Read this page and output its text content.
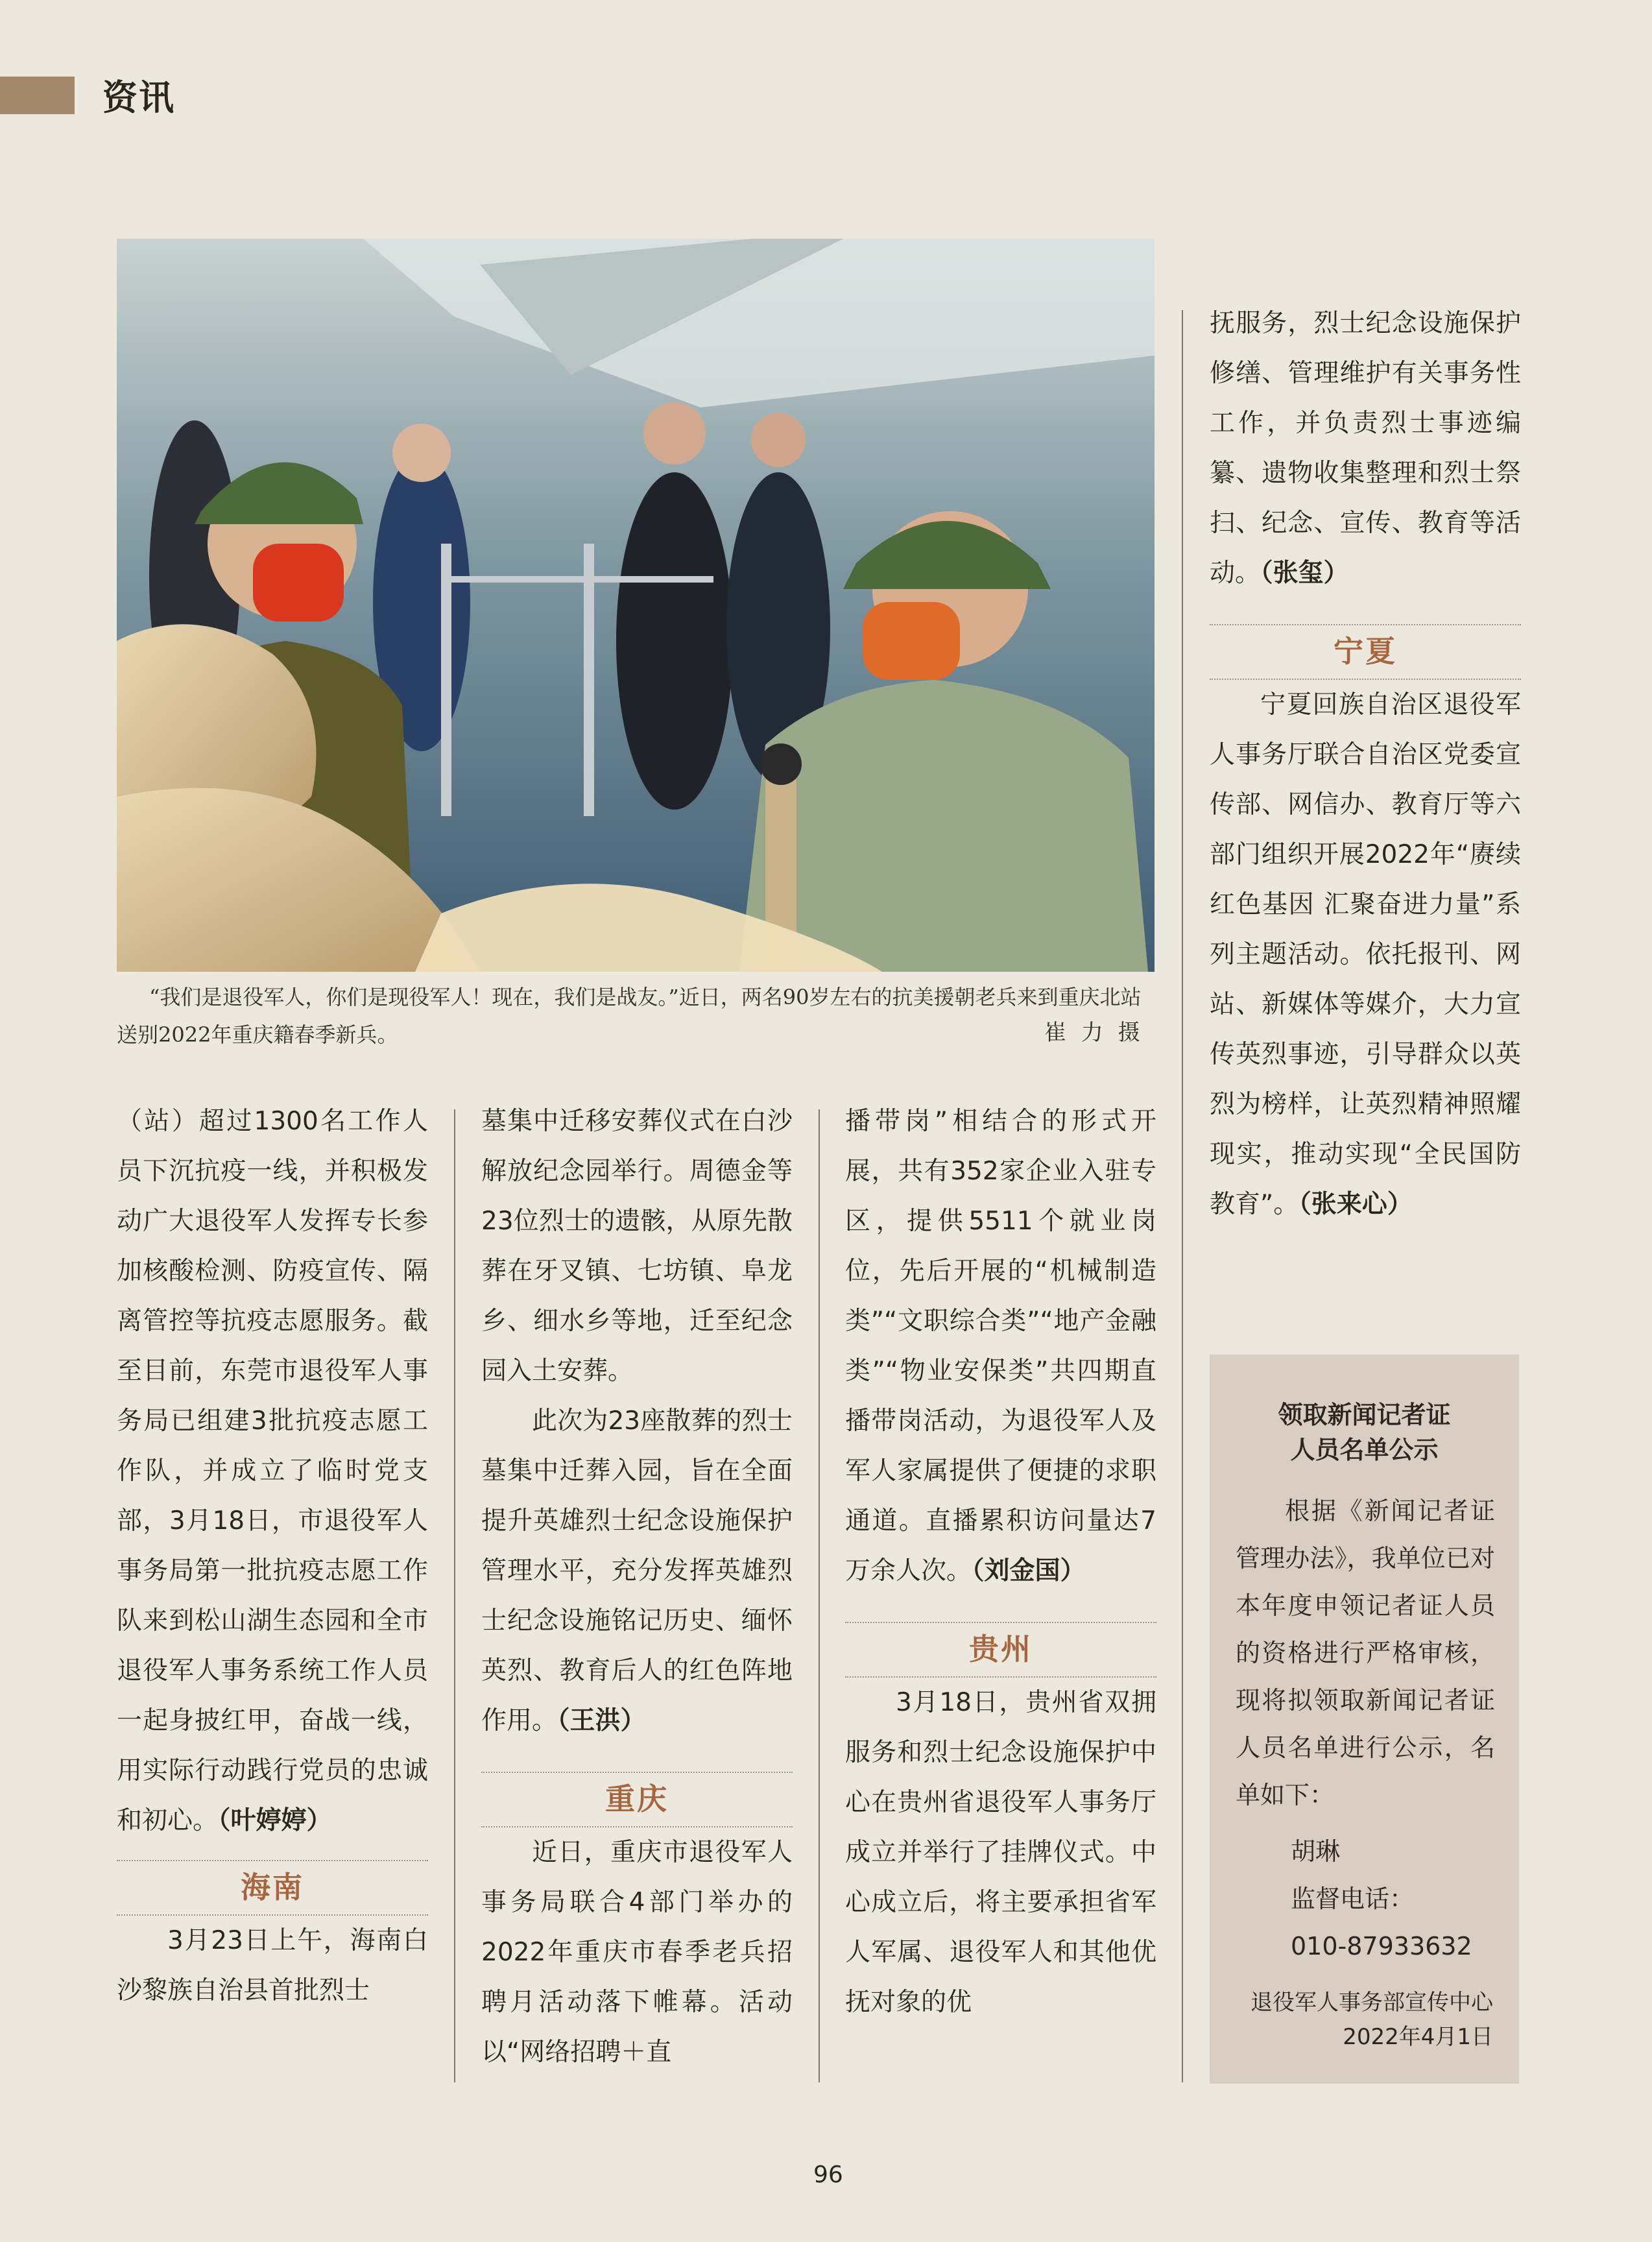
资讯
“我们是退役军人，你们是现役军人！现在，我们是战友。”近日，两名90岁左右的抗美援朝老兵来到重庆北站送别2022年重庆籍春季新兵。	崔 力 摄

（站）超过1300名工作人员下沉抗疫一线，并积极发动广大退役军人发挥专长参加核酸检测、防疫宣传、隔离管控等抗疫志愿服务。截至目前，东莞市退役军人事务局已组建3批抗疫志愿工作队，并成立了临时党支部，3月18日，市退役军人事务局第一批抗疫志愿工作队来到松山湖生态园和全市退役军人事务系统工作人员一起身披红甲，奋战一线，用实际行动践行党员的忠诚和初心。（叶婷婷）

海南

3月23日上午，海南白沙黎族自治县首批烈士

墓集中迁移安葬仪式在白沙解放纪念园举行。周德金等23位烈士的遗骸，从原先散葬在牙叉镇、七坊镇、阜龙乡、细水乡等地，迁至纪念园入土安葬。

此次为23座散葬的烈士墓集中迁葬入园，旨在全面提升英雄烈士纪念设施保护管理水平，充分发挥英雄烈士纪念设施铭记历史、缅怀英烈、教育后人的红色阵地作用。（王洪）

重庆

近日，重庆市退役军人事务局联合4部门举办的2022年重庆市春季老兵招聘月活动落下帷幕。活动以“网络招聘＋直

播带岗”相结合的形式开展，共有352家企业入驻专区，提供5511个就业岗位，先后开展的“机械制造类”“文职综合类”“地产金融类”“物业安保类”共四期直播带岗活动，为退役军人及军人家属提供了便捷的求职通道。直播累积访问量达7万余人次。（刘金国）

贵州

3月18日，贵州省双拥服务和烈士纪念设施保护中心在贵州省退役军人事务厅成立并举行了挂牌仪式。中心成立后，将主要承担省军人军属、退役军人和其他优抚对象的优

抚服务，烈士纪念设施保护修缮、管理维护有关事务性工作，并负责烈士事迹编纂、遗物收集整理和烈士祭扫、纪念、宣传、教育等活动。（张玺）

宁夏

宁夏回族自治区退役军人事务厅联合自治区党委宣传部、网信办、教育厅等六部门组织开展2022年“赓续红色基因 汇聚奋进力量”系列主题活动。依托报刊、网站、新媒体等媒介，大力宣传英烈事迹，引导群众以英烈为榜样，让英烈精神照耀现实，推动实现“全民国防教育”。（张来心）

领取新闻记者证
人员名单公示
根据《新闻记者证管理办法》，我单位已对本年度申领记者证人员的资格进行严格审核，现将拟领取新闻记者证人员名单进行公示，名单如下：
胡琳
监督电话：
010-87933632
退役军人事务部宣传中心
2022年4月1日
96
